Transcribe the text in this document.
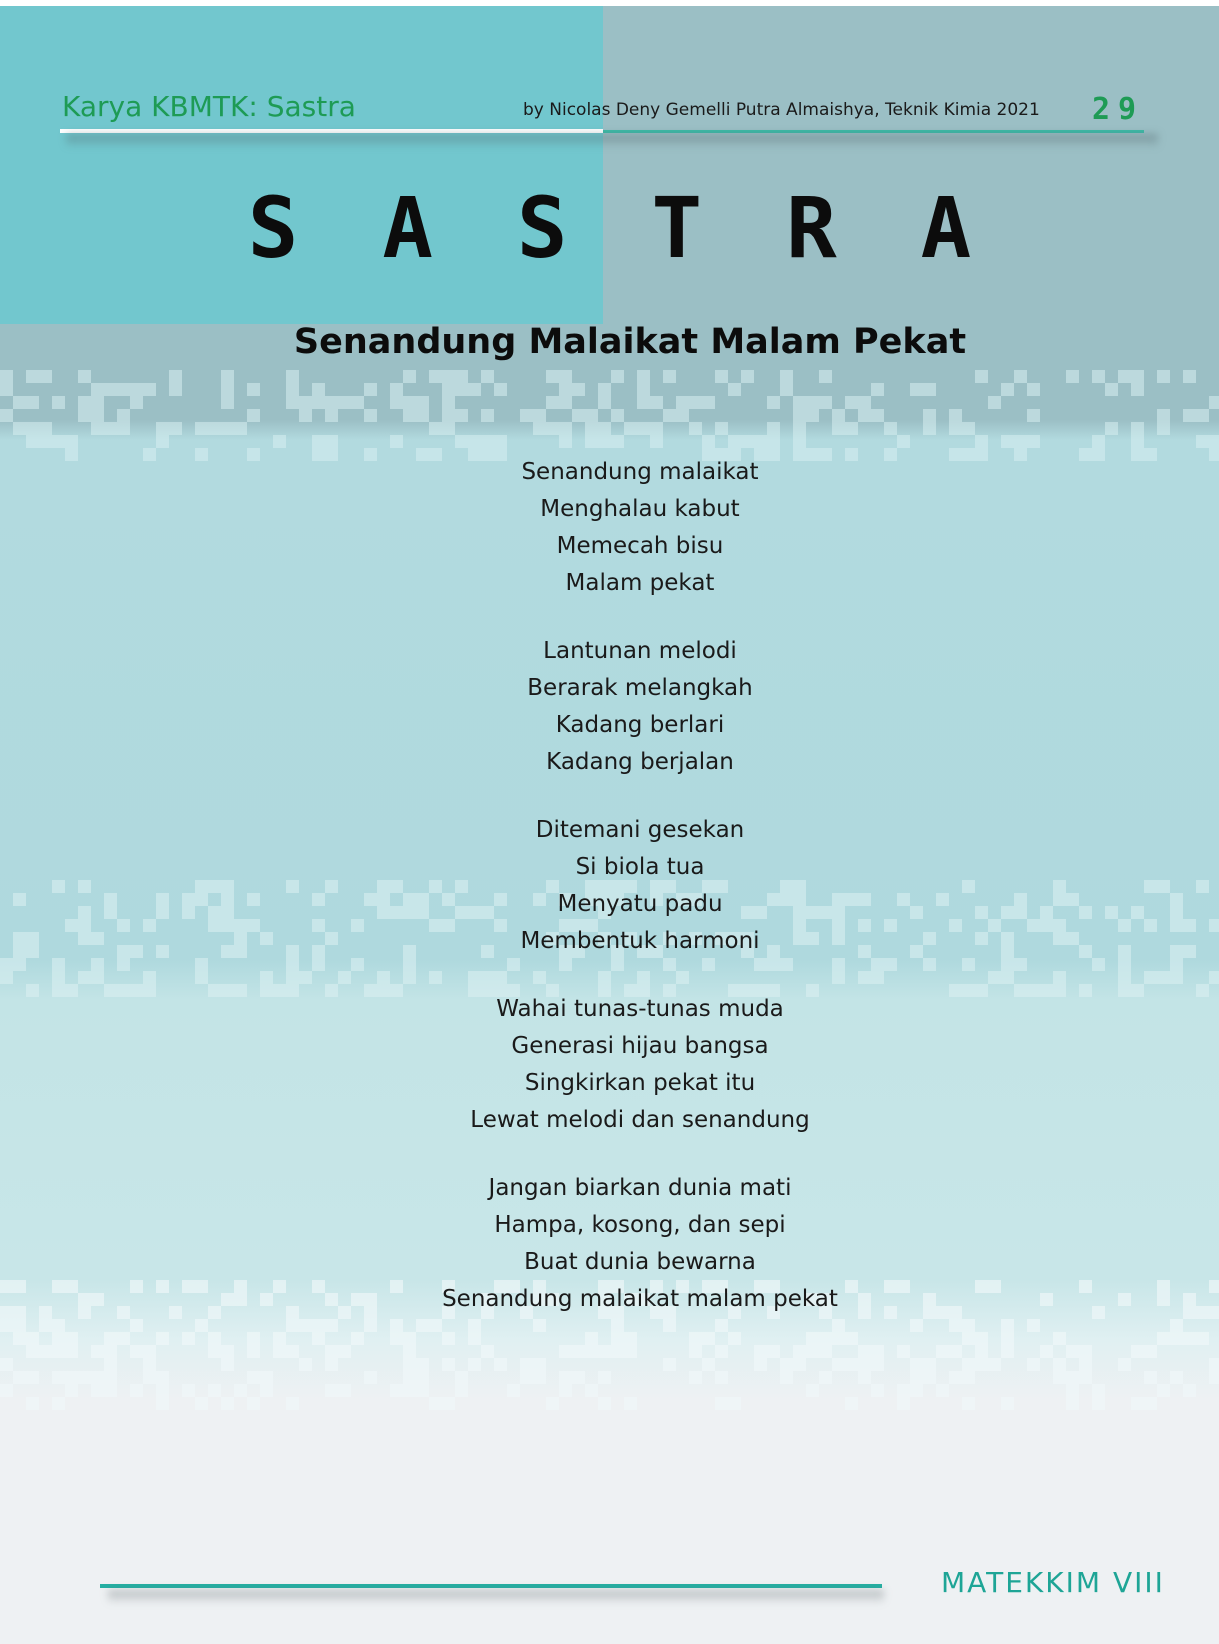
Karya KBMTK: Sastra	by Nicolas Deny Gemelli Putra Almaishya, Teknik Kimia 2021 29
SASTRA
Senandung Malaikat Malam Pekat
Senandung malaikat
Menghalau kabut
Memecah bisu
Malam pekat
Lantunan melodi
Berarak melangkah
Kadang berlari
Kadang berjalan
Ditemani gesekan
Si biola tua
Menyatu padu
Membentuk harmoni
Wahai tunas-tunas muda
Generasi hijau bangsa
Singkirkan pekat itu
Lewat melodi dan senandung
Jangan biarkan dunia mati
Hampa, kosong, dan sepi
Buat dunia bewarna
Senandung malaikat malam pekat
MATEKKIM VIII
